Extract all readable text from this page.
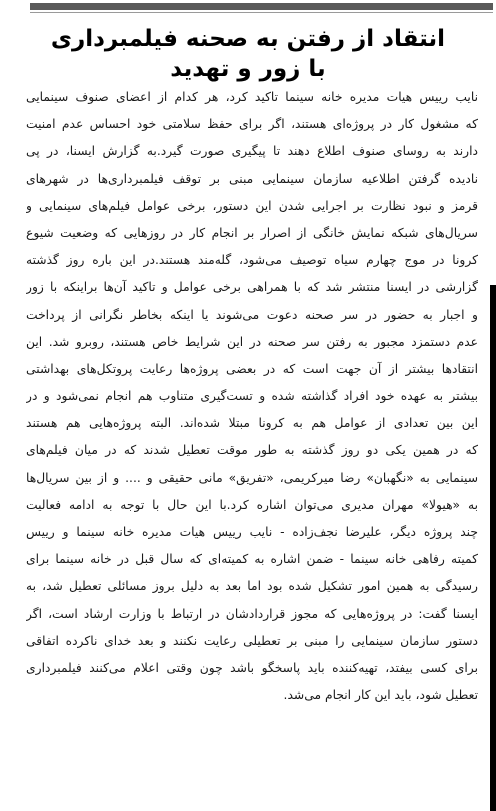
انتقاد از رفتن به صحنه فیلمبرداری
با زور و تهدید
نایب رییس هیات مدیره خانه سینما تاکید کرد، هر کدام از اعضای صنوف سینمایی
که مشغول کار در پروژه‌ای هستند، اگر برای حفظ سلامتی خود احساس عدم امنیت
دارند به روسای صنوف اطلاع دهند تا پیگیری صورت گیرد.به گزارش ایسنا، در پی
نادیده گرفتن اطلاعیه سازمان سینمایی مبنی بر توقف فیلمبرداری‌ها در شهرهای
قرمز و نبود نظارت بر اجرایی شدن این دستور، برخی عوامل فیلم‌های سینمایی و
سریال‌های شبکه نمایش خانگی از اصرار بر انجام کار در روزهایی که وضعیت شیوع
کرونا در موج چهارم سیاه توصیف می‌شود، گله‌مند هستند.در این باره روز گذشته
گزارشی در ایسنا منتشر شد که با همراهی برخی عوامل و تاکید آن‌ها براینکه با زور
و اجبار به حضور در سر صحنه دعوت می‌شوند یا اینکه بخاطر نگرانی از پرداخت
عدم دستمزد مجبور به رفتن سر صحنه در این شرایط خاص هستند، روبرو شد. این
انتقادها بیشتر از آن جهت است که در بعضی پروژه‌ها رعایت پروتکل‌های بهداشتی
بیشتر به عهده خود افراد گذاشته شده و تست‌گیری متناوب هم انجام نمی‌شود و در
این بین تعدادی از عوامل هم به کرونا مبتلا شده‌اند. البته پروژه‌هایی هم هستند
که در همین یکی دو روز گذشته به طور موقت تعطیل شدند که در میان فیلم‌های
سینمایی به «نگهبان» رضا میرکریمی، «تفریق» مانی حقیقی و .... و از بین سریال‌ها
به «هیولا» مهران مدیری می‌توان اشاره کرد.با این حال با توجه به ادامه فعالیت
چند پروژه دیگر، علیرضا نجف‌زاده - نایب رییس هیات مدیره خانه سینما و رییس
کمیته رفاهی خانه سینما - ضمن اشاره به کمیته‌ای که سال قبل در خانه سینما برای
رسیدگی به همین امور تشکیل شده بود اما بعد به دلیل بروز مسائلی تعطیل شد، به
ایسنا گفت: در پروژه‌هایی که مجوز قراردادشان در ارتباط با وزارت ارشاد است، اگر
دستور سازمان سینمایی را مبنی بر تعطیلی رعایت نکنند و بعد خدای ناکرده اتفاقی
برای کسی بیفتد، تهیه‌کننده باید پاسخگو باشد چون وقتی اعلام می‌کنند فیلمبرداری
تعطیل شود، باید این کار انجام می‌شد.
